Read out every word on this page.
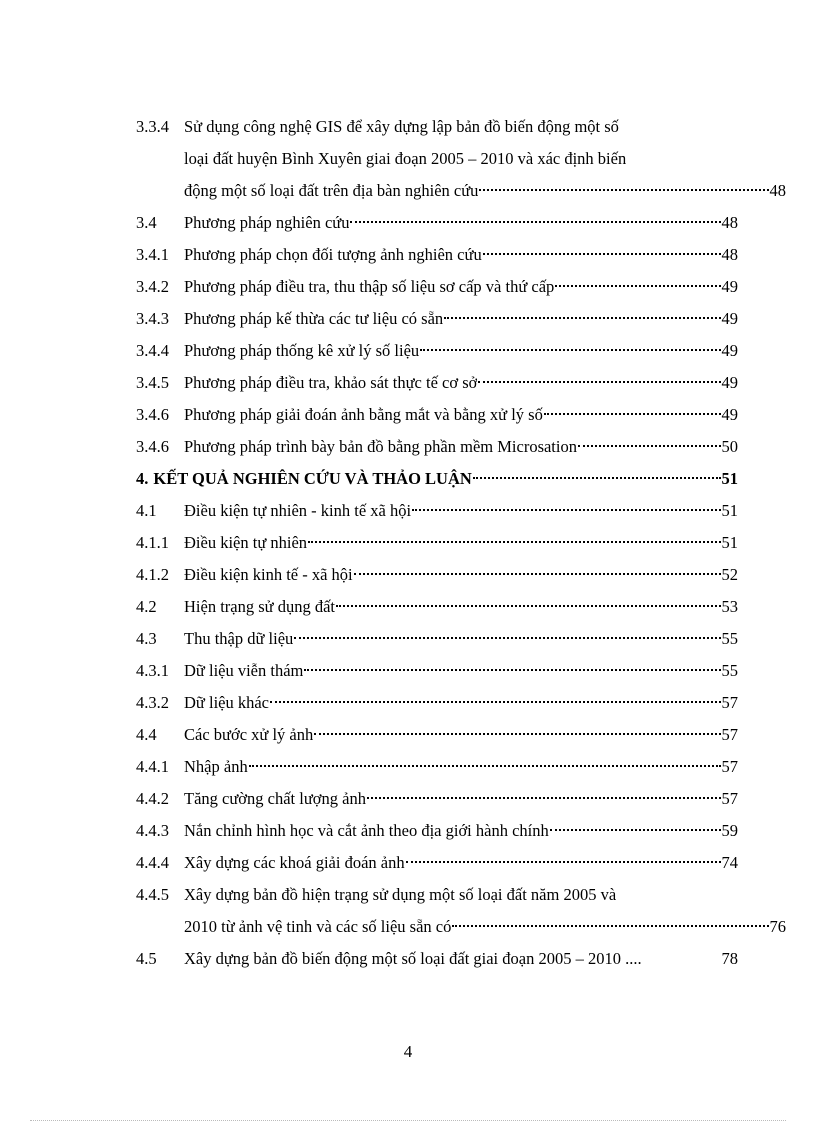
3.3.4 Sử dụng công nghệ GIS để xây dựng lập bản đồ biến động một số
loại đất huyện Bình Xuyên giai đoạn 2005 – 2010 và xác định biến
động một số loại đất trên địa bàn nghiên cứu	48
3.4	Phương pháp nghiên cứu	48
3.4.1 Phương pháp chọn đối tượng ảnh nghiên cứu	48
3.4.2 Phương pháp điều tra, thu thập số liệu sơ cấp và thứ cấp	49
3.4.3 Phương pháp kế thừa các tư liệu có sẵn	49
3.4.4 Phương pháp thống kê xử lý số liệu	49
3.4.5 Phương pháp điều tra, khảo sát thực tế cơ sở	49
3.4.6 Phương pháp giải đoán ảnh bằng mắt và bằng xử lý số	49
3.4.6 Phương pháp trình bày bản đồ bằng phần mềm Microsation	50
4. KẾT QUẢ NGHIÊN CỨU VÀ THẢO LUẬN	51
4.1	Điều kiện tự nhiên - kinh tế xã hội	51
4.1.1 Điều kiện tự nhiên	51
4.1.2 Điều kiện kinh tế - xã hội	52
4.2	Hiện trạng sử dụng đất	53
4.3	Thu thập dữ liệu	55
4.3.1 Dữ liệu viễn thám	55
4.3.2 Dữ liệu khác	57
4.4	Các bước xử lý ảnh	57
4.4.1 Nhập ảnh	57
4.4.2 Tăng cường chất lượng ảnh	57
4.4.3 Nắn chỉnh hình học và cắt ảnh theo địa giới hành chính	59
4.4.4 Xây dựng các khoá giải đoán ảnh	74
4.4.5 Xây dựng bản đồ hiện trạng sử dụng một số loại đất năm 2005 và
2010 từ ảnh vệ tinh và các số liệu sẵn có	76
4.5	Xây dựng bản đồ biến động một số loại đất giai đoạn 2005 – 2010 ....	78
4
